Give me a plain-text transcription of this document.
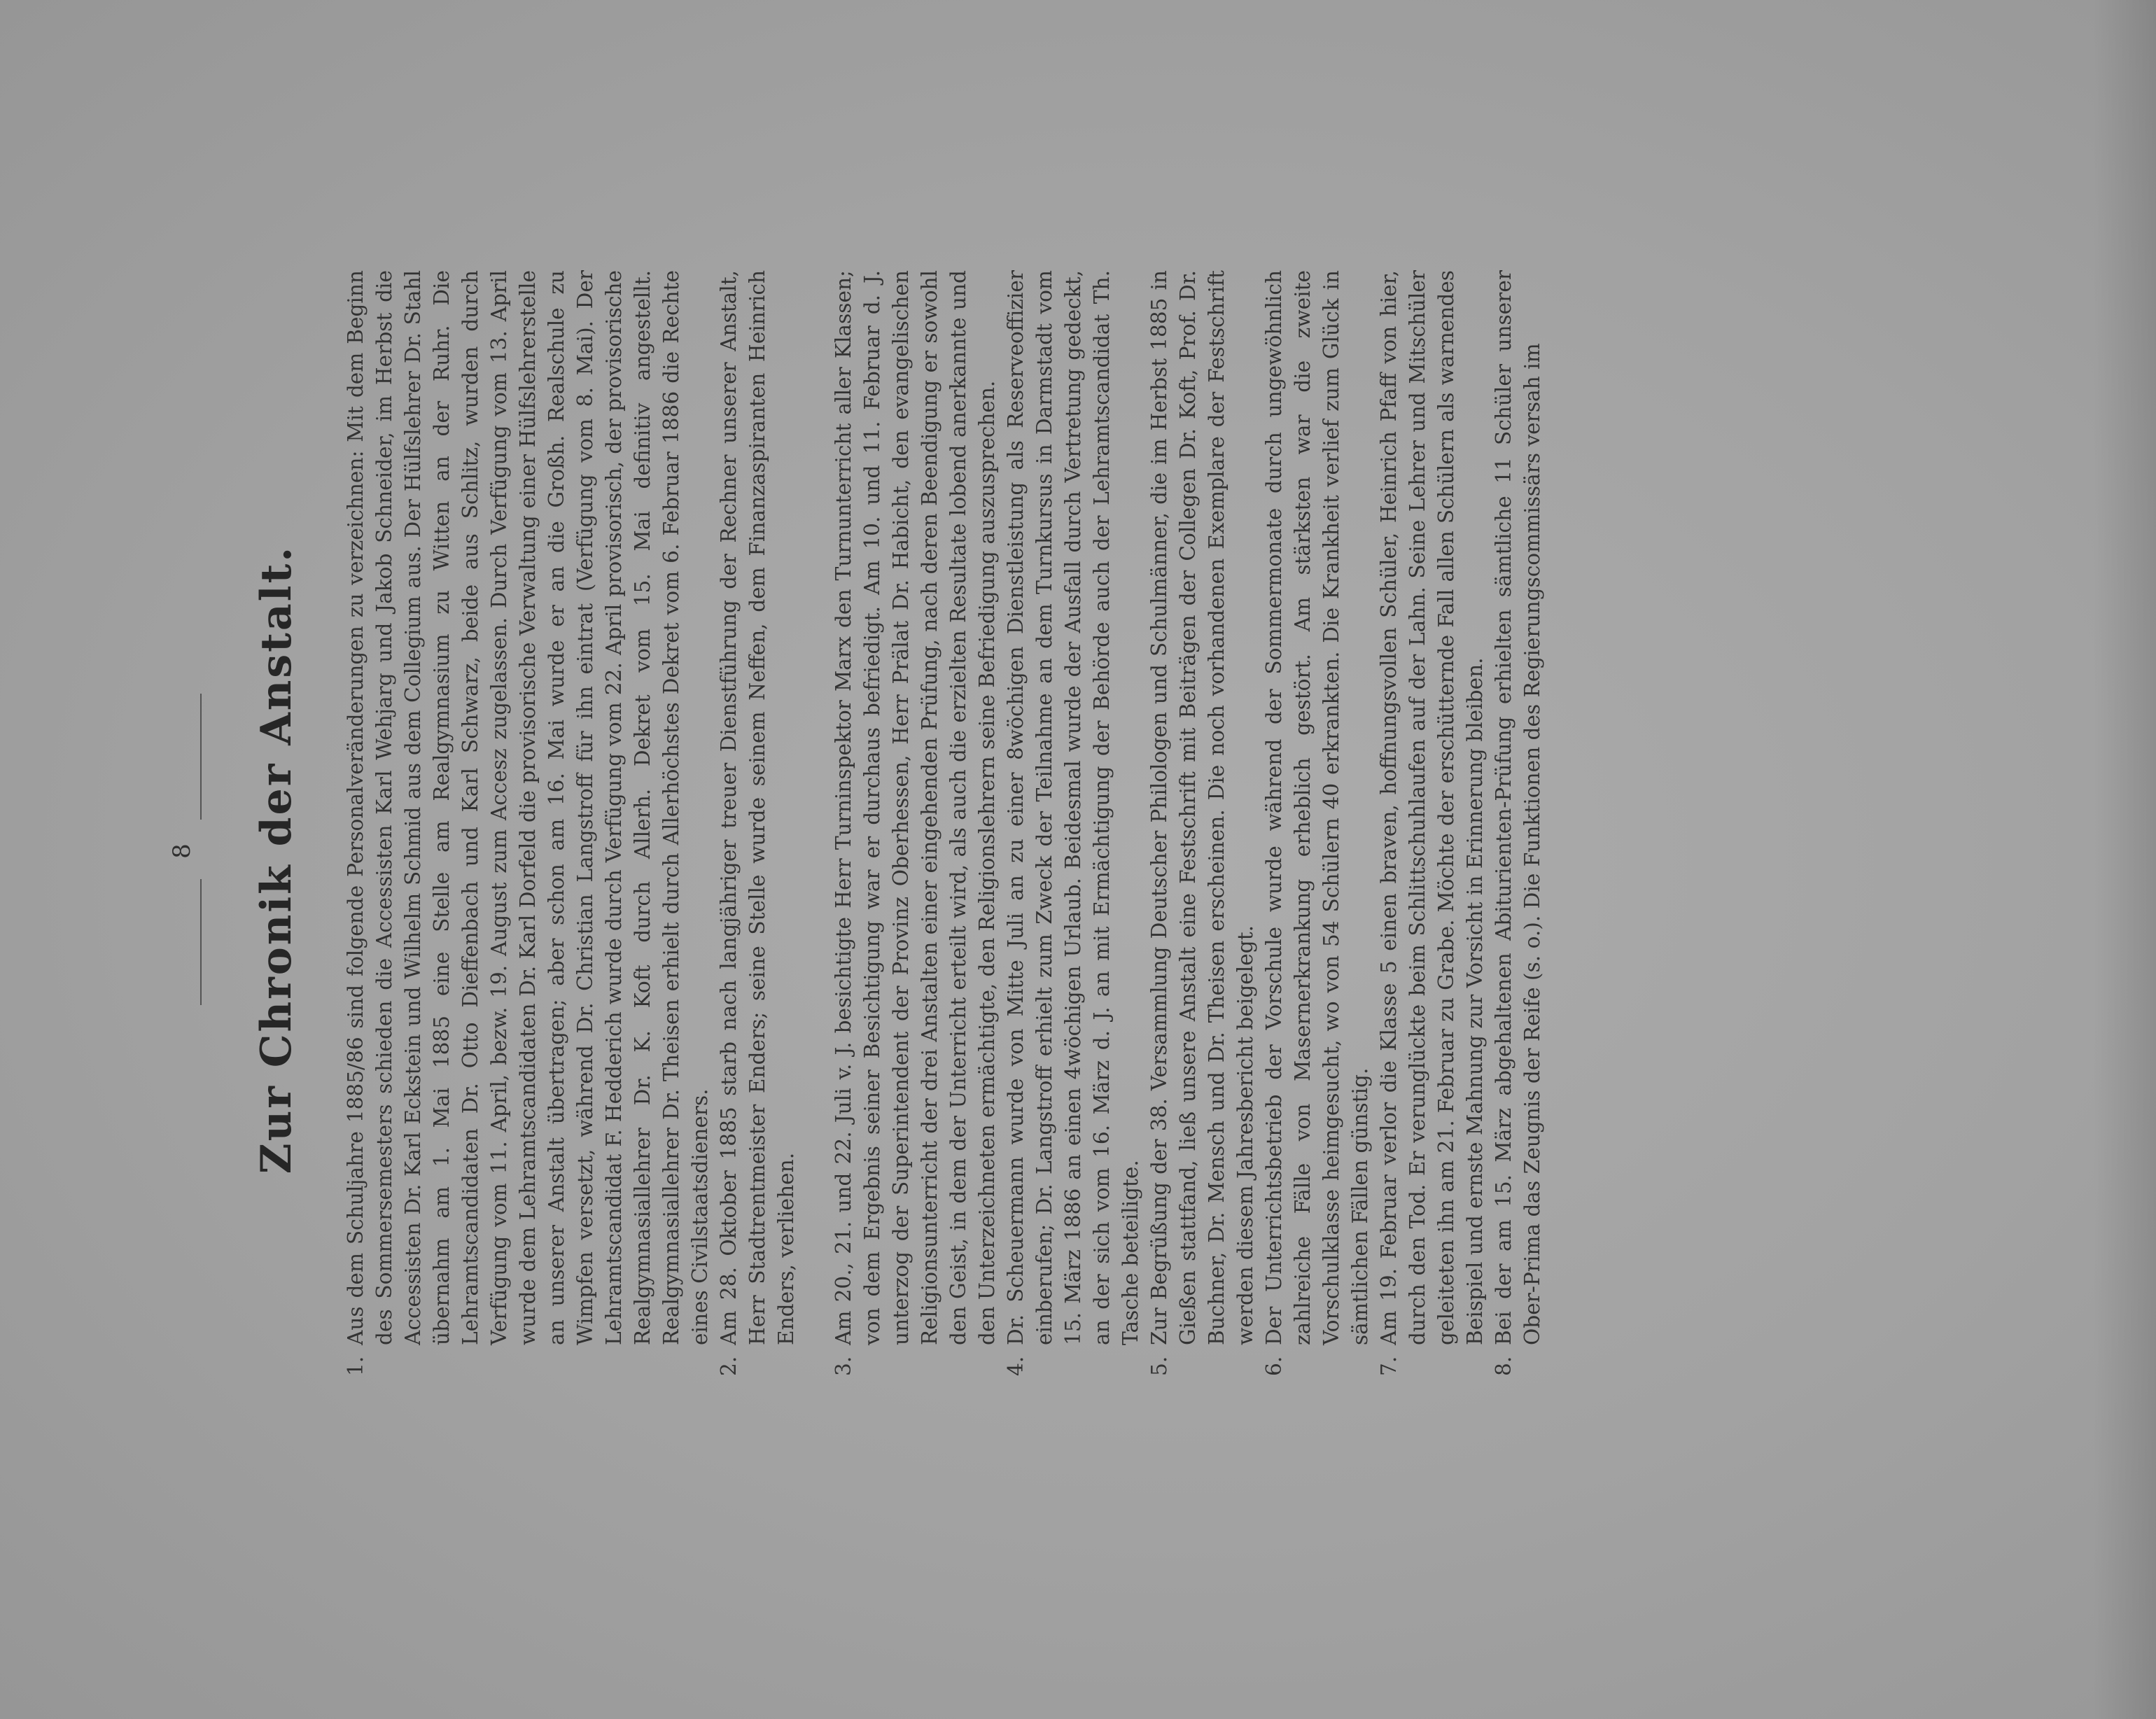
8 Zur Chronik der Anstalt.
1.
Aus dem Schuljahre 1885/86 sind folgende Personalveränderungen zu verzeichnen: Mit dem Beginn des Sommersemesters schieden die Accessisten Karl Wehjarg und Jakob Schneider, im Herbst die Accessisten Dr. Karl Eckstein und Wilhelm Schmid aus dem Collegium aus. Der Hülfslehrer Dr. Stahl übernahm am 1. Mai 1885 eine Stelle am Realgymnasium zu Witten an der Ruhr. Die Lehramtscandidaten Dr. Otto Dieffenbach und Karl Schwarz, beide aus Schlitz, wurden durch Verfügung vom 11. April, bezw. 19. August zum Accesz zugelassen. Durch Verfügung vom 13. April wurde dem Lehramtscandidaten Dr. Karl Dorfeld die provisorische Verwaltung einer Hülfslehrerstelle an unserer Anstalt übertragen; aber schon am 16. Mai wurde er an die Großh. Realschule zu Wimpfen versetzt, während Dr. Christian Langstroff für ihn eintrat (Verfügung vom 8. Mai). Der Lehramtscandidat F. Hedderich wurde durch Verfügung vom 22. April provisorisch, der provisorische Realgymnasiallehrer Dr. K. Koft durch Allerh. Dekret vom 15. Mai definitiv angestellt. Realgymnasiallehrer Dr. Theisen erhielt durch Allerhöchstes Dekret vom 6. Februar 1886 die Rechte eines Civilstaatsdieners.
2.
Am 28. Oktober 1885 starb nach langjähriger treuer Dienstführung der Rechner unserer Anstalt, Herr Stadtrentmeister Enders; seine Stelle wurde seinem Neffen, dem Finanzaspiranten Heinrich Enders, verliehen.
3.
Am 20., 21. und 22. Juli v. J. besichtigte Herr Turninspektor Marx den Turnunterricht aller Klassen; von dem Ergebnis seiner Besichtigung war er durchaus befriedigt. Am 10. und 11. Februar d. J. unterzog der Superintendent der Provinz Oberhessen, Herr Prälat Dr. Habicht, den evangelischen Religionsunterricht der drei Anstalten einer eingehenden Prüfung, nach deren Beendigung er sowohl den Geist, in dem der Unterricht erteilt wird, als auch die erzielten Resultate lobend anerkannte und den Unterzeichneten ermächtigte, den Religionslehrern seine Befriedigung auszusprechen.
4.
Dr. Scheuermann wurde von Mitte Juli an zu einer 8wöchigen Dienstleistung als Reserveoffizier einberufen; Dr. Langstroff erhielt zum Zweck der Teilnahme an dem Turnkursus in Darmstadt vom 15. März 1886 an einen 4wöchigen Urlaub. Beidesmal wurde der Ausfall durch Vertretung gedeckt, an der sich vom 16. März d. J. an mit Ermächtigung der Behörde auch der Lehramtscandidat Th. Tasche beteiligte.
5.
Zur Begrüßung der 38. Versammlung Deutscher Philologen und Schulmänner, die im Herbst 1885 in Gießen stattfand, ließ unsere Anstalt eine Festschrift mit Beiträgen der Collegen Dr. Koft, Prof. Dr. Buchner, Dr. Mensch und Dr. Theisen erscheinen. Die noch vorhandenen Exemplare der Festschrift werden diesem Jahresbericht beigelegt.
6.
Der Unterrichtsbetrieb der Vorschule wurde während der Sommermonate durch ungewöhnlich zahlreiche Fälle von Masernerkrankung erheblich gestört. Am stärksten war die zweite Vorschulklasse heimgesucht, wo von 54 Schülern 40 erkrankten. Die Krankheit verlief zum Glück in sämtlichen Fällen günstig.
7.
Am 19. Februar verlor die Klasse 5 einen braven, hoffnungsvollen Schüler, Heinrich Pfaff von hier, durch den Tod. Er verunglückte beim Schlittschuhlaufen auf der Lahn. Seine Lehrer und Mitschüler geleiteten ihn am 21. Februar zu Grabe. Möchte der erschütternde Fall allen Schülern als warnendes Beispiel und ernste Mahnung zur Vorsicht in Erinnerung bleiben.
8.
Bei der am 15. März abgehaltenen Abiturienten-Prüfung erhielten sämtliche 11 Schüler unserer Ober-Prima das Zeugnis der Reife (s. o.). Die Funktionen des Regierungscommissärs versah im
